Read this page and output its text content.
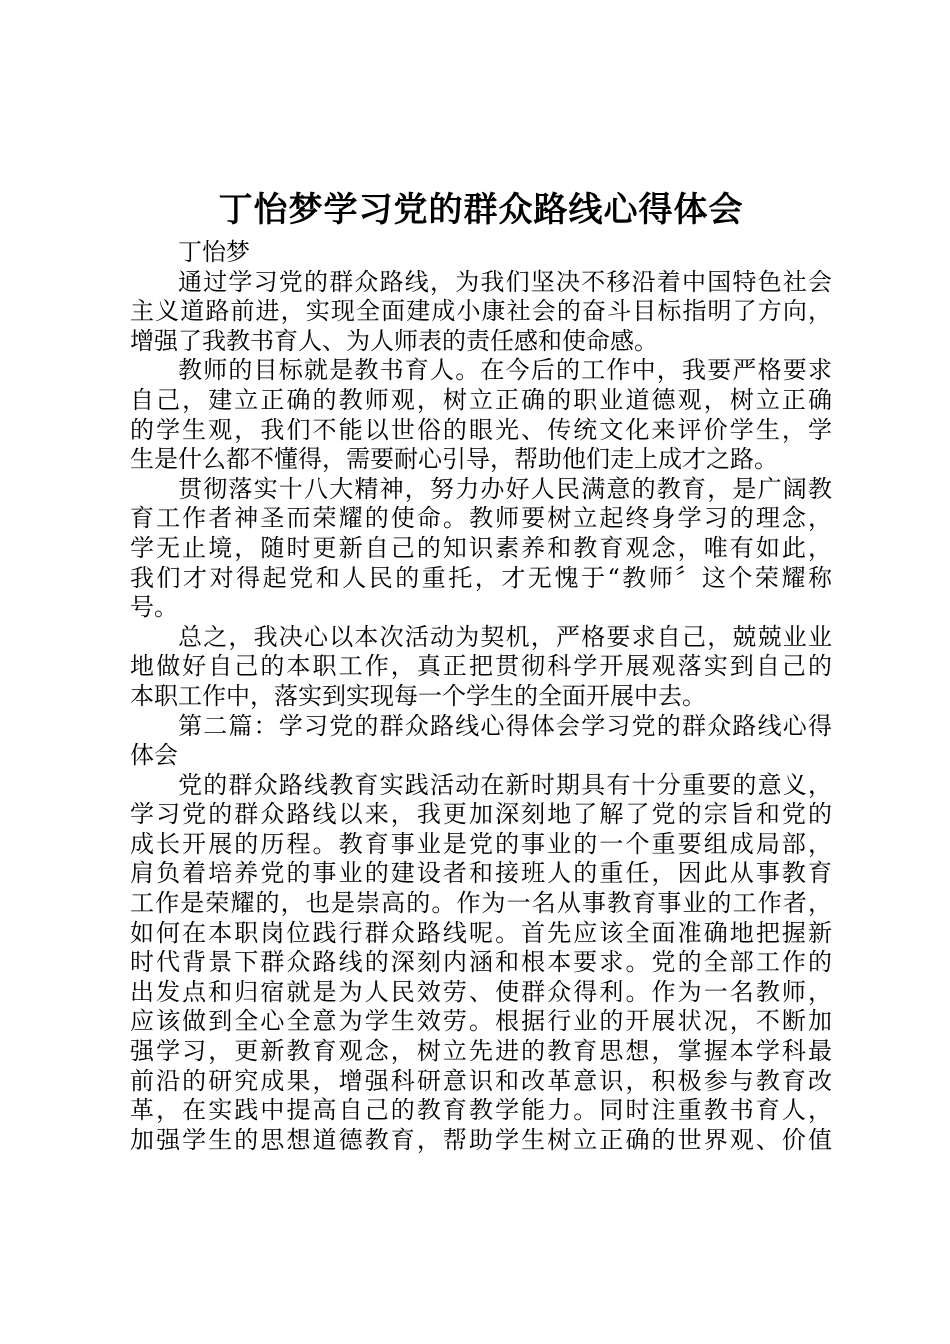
丁怡梦学习党的群众路线心得体会

丁怡梦

通过学习党的群众路线，为我们坚决不移沿着中国特色社会

主义道路前进，实现全面建成小康社会的奋斗目标指明了方向，

增强了我教书育人、为人师表的责任感和使命感。

教师的目标就是教书育人。在今后的工作中，我要严格要求

自己，建立正确的教师观，树立正确的职业道德观，树立正确

的学生观，我们不能以世俗的眼光、传统文化来评价学生，学

生是什么都不懂得，需要耐心引导，帮助他们走上成才之路。

贯彻落实十八大精神，努力办好人民满意的教育，是广阔教

育工作者神圣而荣耀的使命。教师要树立起终身学习的理念，

学无止境，随时更新自己的知识素养和教育观念，唯有如此，

我们才对得起党和人民的重托，才无愧于“教师〞这个荣耀称

号。

总之，我决心以本次活动为契机，严格要求自己，兢兢业业

地做好自己的本职工作，真正把贯彻科学开展观落实到自己的

本职工作中，落实到实现每一个学生的全面开展中去。

第二篇：学习党的群众路线心得体会学习党的群众路线心得

体会

党的群众路线教育实践活动在新时期具有十分重要的意义，

学习党的群众路线以来，我更加深刻地了解了党的宗旨和党的

成长开展的历程。教育事业是党的事业的一个重要组成局部，

肩负着培养党的事业的建设者和接班人的重任，因此从事教育

工作是荣耀的，也是崇高的。作为一名从事教育事业的工作者，

如何在本职岗位践行群众路线呢。首先应该全面准确地把握新

时代背景下群众路线的深刻内涵和根本要求。党的全部工作的

出发点和归宿就是为人民效劳、使群众得利。作为一名教师，

应该做到全心全意为学生效劳。根据行业的开展状况，不断加

强学习，更新教育观念，树立先进的教育思想，掌握本学科最

前沿的研究成果，增强科研意识和改革意识，积极参与教育改

革，在实践中提高自己的教育教学能力。同时注重教书育人，

加强学生的思想道德教育，帮助学生树立正确的世界观、价值
